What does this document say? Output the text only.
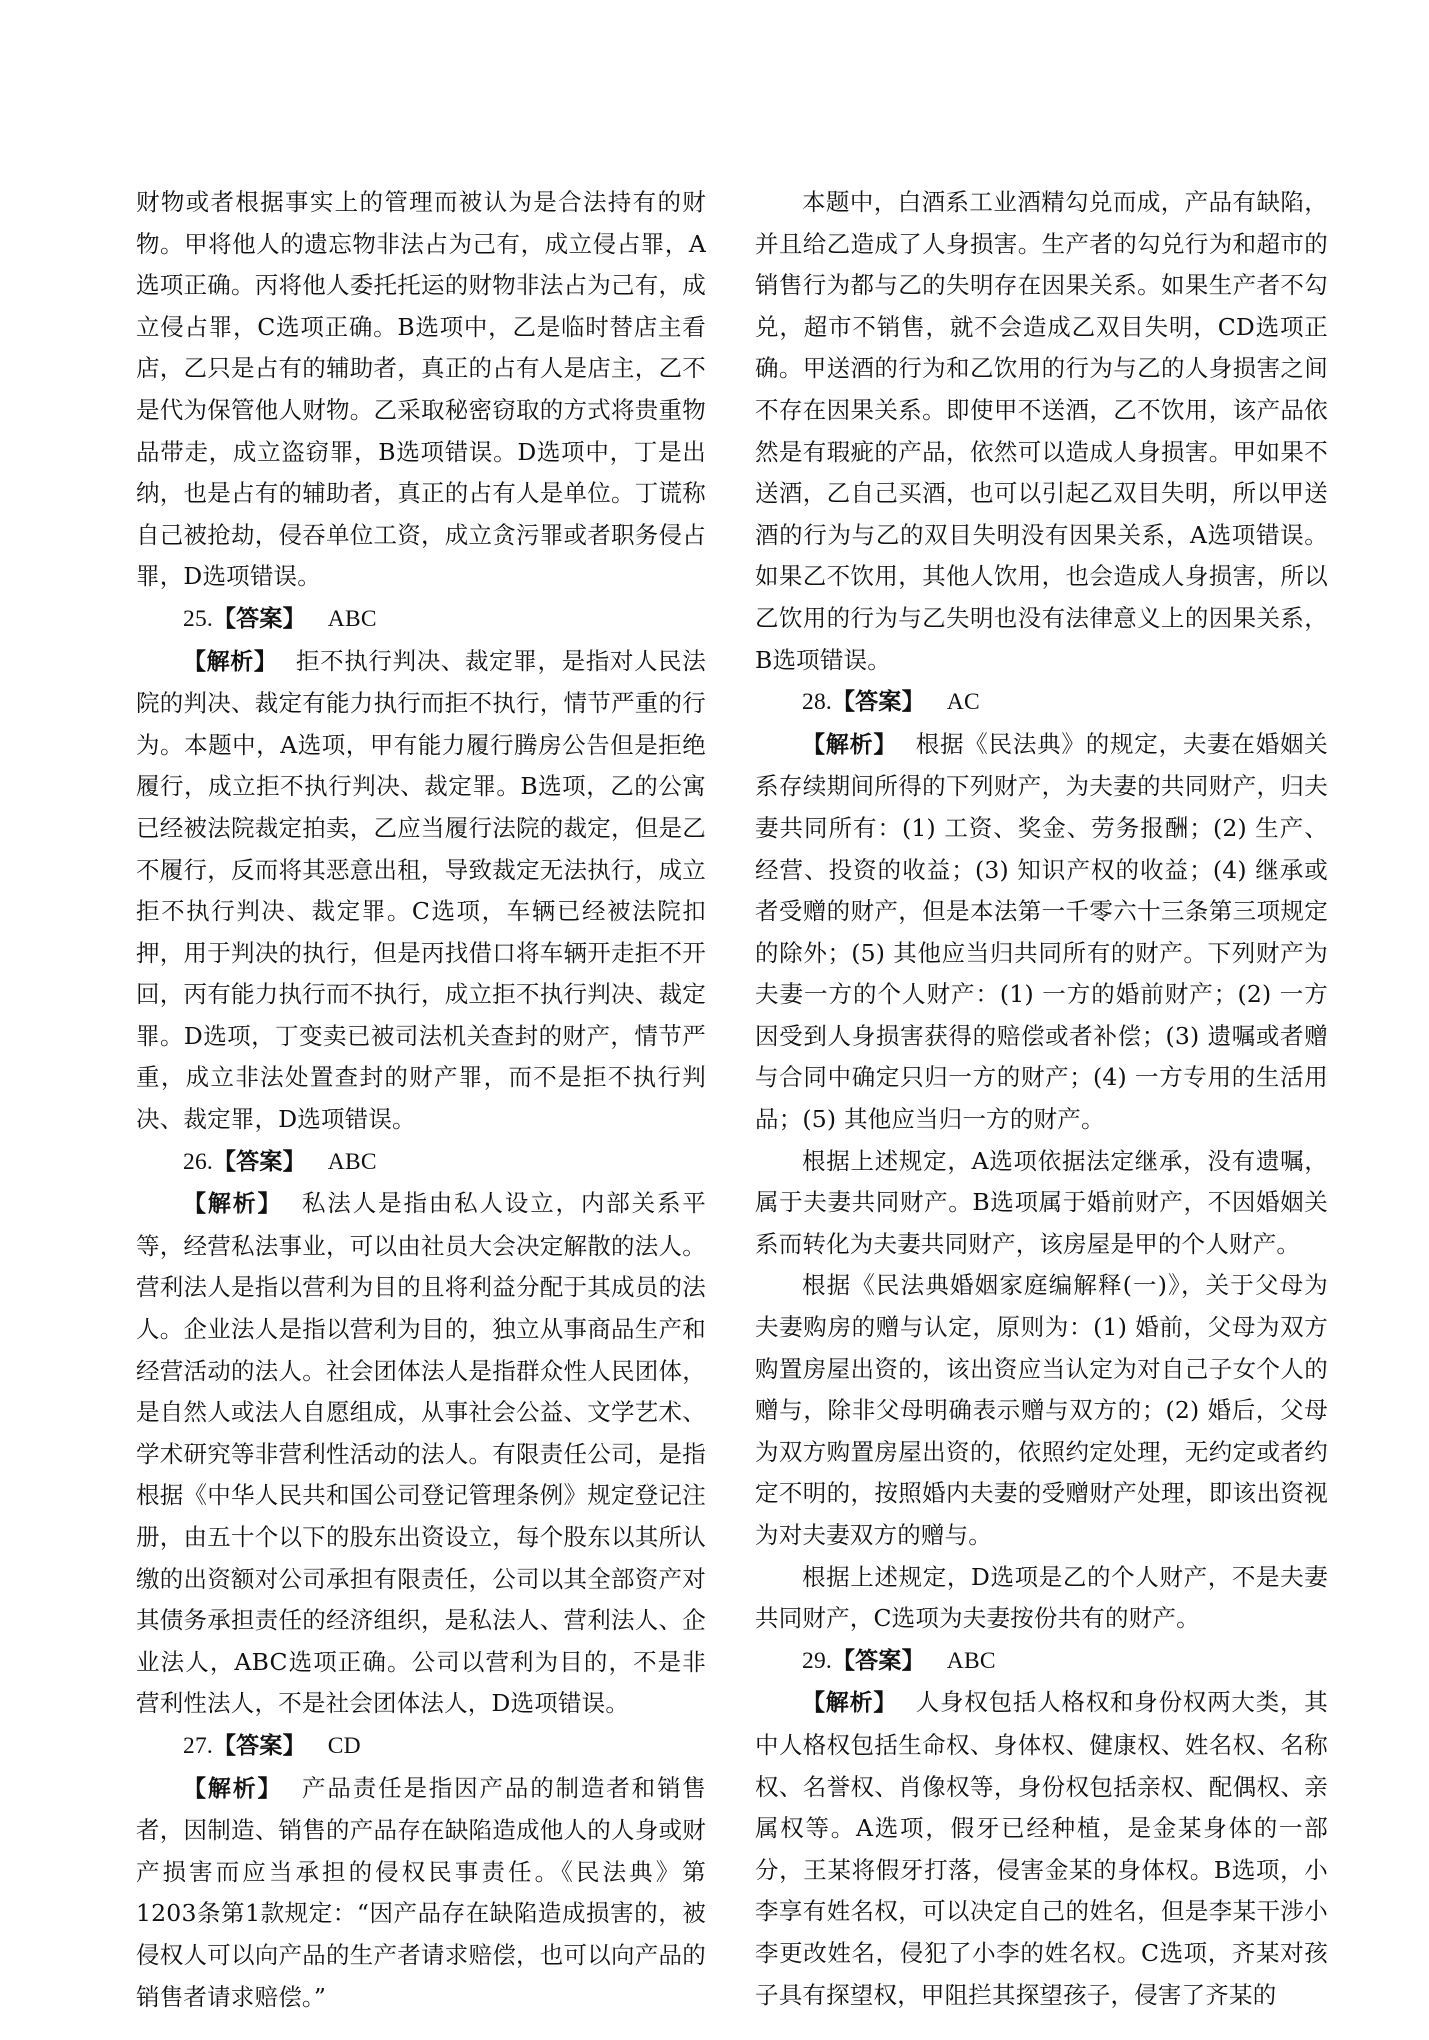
财物或者根据事实上的管理而被认为是合法持有的财物。甲将他人的遗忘物非法占为己有，成立侵占罪，A选项正确。丙将他人委托托运的财物非法占为己有，成立侵占罪，C选项正确。B选项中，乙是临时替店主看店，乙只是占有的辅助者，真正的占有人是店主，乙不是代为保管他人财物。乙采取秘密窃取的方式将贵重物品带走，成立盗窃罪，B选项错误。D选项中，丁是出纳，也是占有的辅助者，真正的占有人是单位。丁谎称自己被抢劫，侵吞单位工资，成立贪污罪或者职务侵占罪，D选项错误。

25.【答案】 ABC

【解析】 拒不执行判决、裁定罪，是指对人民法院的判决、裁定有能力执行而拒不执行，情节严重的行为。本题中，A选项，甲有能力履行腾房公告但是拒绝履行，成立拒不执行判决、裁定罪。B选项，乙的公寓已经被法院裁定拍卖，乙应当履行法院的裁定，但是乙不履行，反而将其恶意出租，导致裁定无法执行，成立拒不执行判决、裁定罪。C选项，车辆已经被法院扣押，用于判决的执行，但是丙找借口将车辆开走拒不开回，丙有能力执行而不执行，成立拒不执行判决、裁定罪。D选项，丁变卖已被司法机关查封的财产，情节严重，成立非法处置查封的财产罪，而不是拒不执行判决、裁定罪，D选项错误。

26.【答案】 ABC

【解析】 私法人是指由私人设立，内部关系平等，经营私法事业，可以由社员大会决定解散的法人。营利法人是指以营利为目的且将利益分配于其成员的法人。企业法人是指以营利为目的，独立从事商品生产和经营活动的法人。社会团体法人是指群众性人民团体，是自然人或法人自愿组成，从事社会公益、文学艺术、学术研究等非营利性活动的法人。有限责任公司，是指根据《中华人民共和国公司登记管理条例》规定登记注册，由五十个以下的股东出资设立，每个股东以其所认缴的出资额对公司承担有限责任，公司以其全部资产对其债务承担责任的经济组织，是私法人、营利法人、企业法人，ABC选项正确。公司以营利为目的，不是非营利性法人，不是社会团体法人，D选项错误。

27.【答案】 CD

【解析】 产品责任是指因产品的制造者和销售者，因制造、销售的产品存在缺陷造成他人的人身或财产损害而应当承担的侵权民事责任。《民法典》第1203条第1款规定：“因产品存在缺陷造成损害的，被侵权人可以向产品的生产者请求赔偿，也可以向产品的销售者请求赔偿。”

本题中，白酒系工业酒精勾兑而成，产品有缺陷，并且给乙造成了人身损害。生产者的勾兑行为和超市的销售行为都与乙的失明存在因果关系。如果生产者不勾兑，超市不销售，就不会造成乙双目失明，CD选项正确。甲送酒的行为和乙饮用的行为与乙的人身损害之间不存在因果关系。即使甲不送酒，乙不饮用，该产品依然是有瑕疵的产品，依然可以造成人身损害。甲如果不送酒，乙自己买酒，也可以引起乙双目失明，所以甲送酒的行为与乙的双目失明没有因果关系，A选项错误。如果乙不饮用，其他人饮用，也会造成人身损害，所以乙饮用的行为与乙失明也没有法律意义上的因果关系，B选项错误。

28.【答案】 AC

【解析】 根据《民法典》的规定，夫妻在婚姻关系存续期间所得的下列财产，为夫妻的共同财产，归夫妻共同所有：(1) 工资、奖金、劳务报酬；(2) 生产、经营、投资的收益；(3) 知识产权的收益；(4) 继承或者受赠的财产，但是本法第一千零六十三条第三项规定的除外；(5) 其他应当归共同所有的财产。下列财产为夫妻一方的个人财产：(1) 一方的婚前财产；(2) 一方因受到人身损害获得的赔偿或者补偿；(3) 遗嘱或者赠与合同中确定只归一方的财产；(4) 一方专用的生活用品；(5) 其他应当归一方的财产。

根据上述规定，A选项依据法定继承，没有遗嘱，属于夫妻共同财产。B选项属于婚前财产，不因婚姻关系而转化为夫妻共同财产，该房屋是甲的个人财产。

根据《民法典婚姻家庭编解释(一)》，关于父母为夫妻购房的赠与认定，原则为：(1) 婚前，父母为双方购置房屋出资的，该出资应当认定为对自己子女个人的赠与，除非父母明确表示赠与双方的；(2) 婚后，父母为双方购置房屋出资的，依照约定处理，无约定或者约定不明的，按照婚内夫妻的受赠财产处理，即该出资视为对夫妻双方的赠与。

根据上述规定，D选项是乙的个人财产，不是夫妻共同财产，C选项为夫妻按份共有的财产。

29.【答案】 ABC

【解析】 人身权包括人格权和身份权两大类，其中人格权包括生命权、身体权、健康权、姓名权、名称权、名誉权、肖像权等，身份权包括亲权、配偶权、亲属权等。A选项，假牙已经种植，是金某身体的一部分，王某将假牙打落，侵害金某的身体权。B选项，小李享有姓名权，可以决定自己的姓名，但是李某干涉小李更改姓名，侵犯了小李的姓名权。C选项，齐某对孩子具有探望权，甲阻拦其探望孩子，侵害了齐某的
